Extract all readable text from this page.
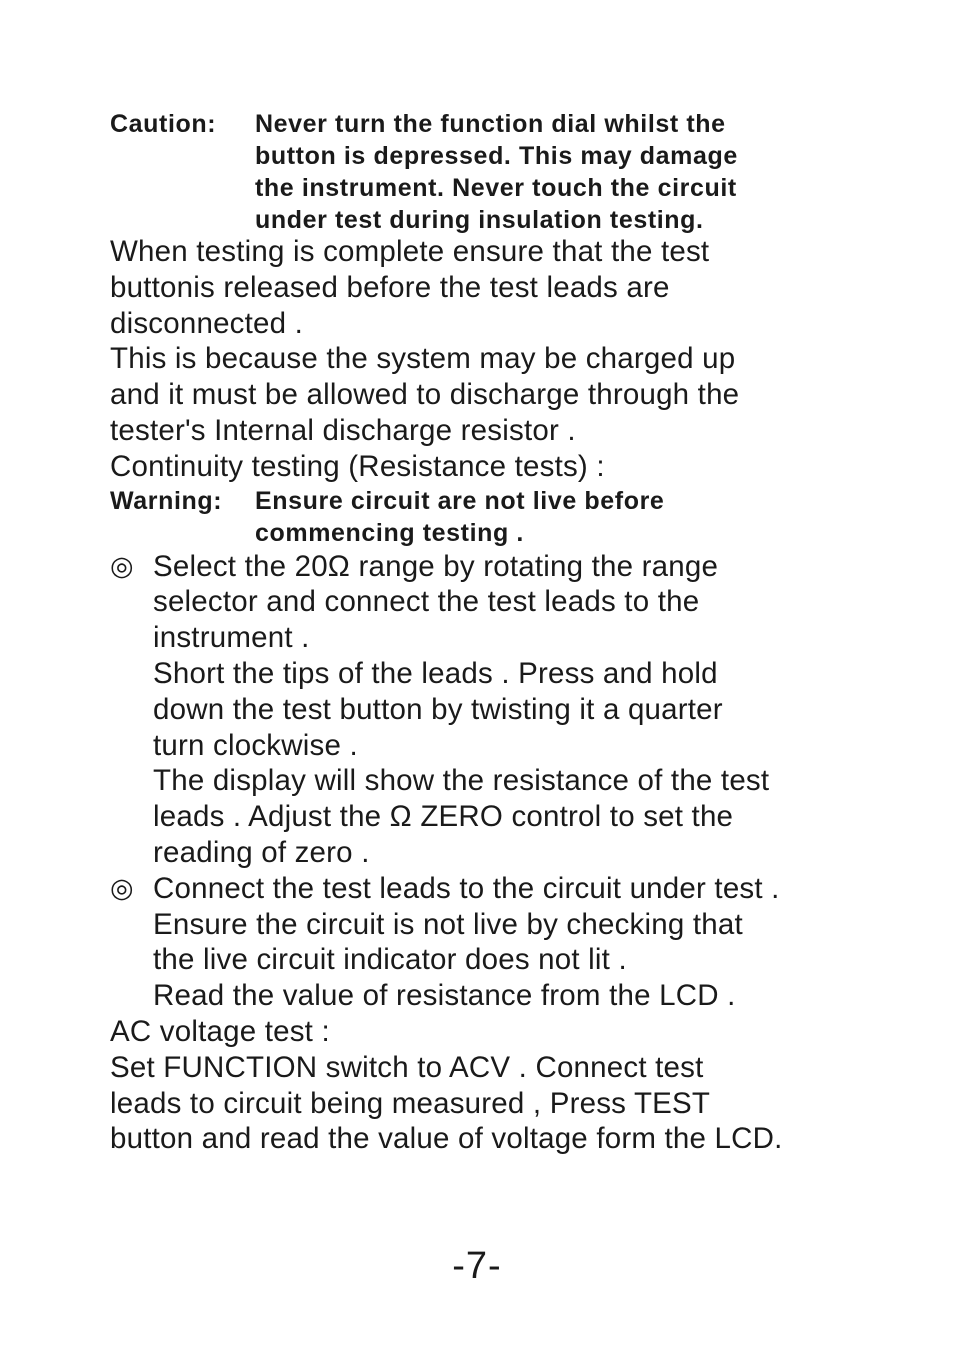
Caution:	Never turn the function dial whilst the
button is depressed. This may damage
the instrument. Never touch the circuit
under test during insulation testing.
When testing is complete ensure that the test
buttonis released before the test leads are
disconnected .
This is because the system may be charged up
and it must be allowed to discharge through the
tester's Internal discharge resistor .
Continuity testing (Resistance tests) :
Warning:	Ensure circuit are not live before
commencing testing .
◎ Select the 20Ω range by rotating the range
selector and connect the test leads to the
instrument .
Short the tips of the leads . Press and hold
down the test button by twisting it a quarter
turn clockwise .
The display will show the resistance of the test
leads . Adjust the Ω ZERO control to set the
reading of zero .
◎ Connect the test leads to the circuit under test .
Ensure the circuit is not live by checking that
the live circuit indicator does not lit .
Read the value of resistance from the LCD .
AC voltage test :
Set FUNCTION switch to ACV . Connect test
leads to circuit being measured , Press TEST
button and read the value of voltage form the LCD.
-7-
